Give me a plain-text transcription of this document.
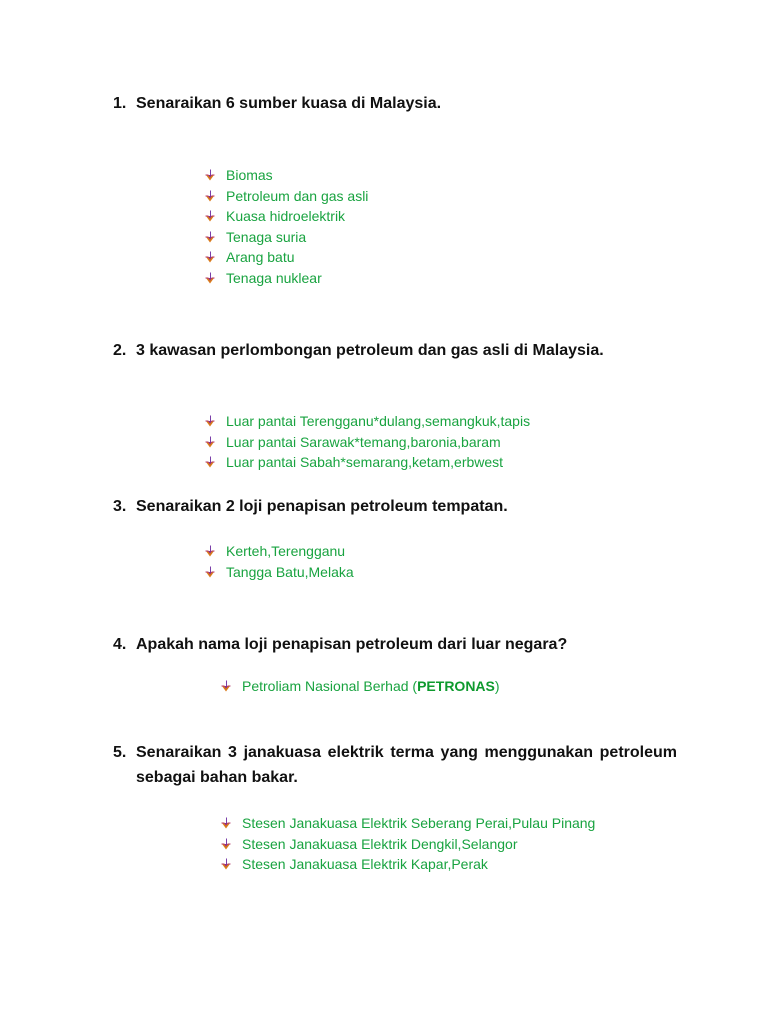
1. Senaraikan 6 sumber kuasa di Malaysia.
Biomas
Petroleum dan gas asli
Kuasa hidroelektrik
Tenaga suria
Arang batu
Tenaga nuklear
2. 3 kawasan perlombongan petroleum dan gas asli di Malaysia.
Luar pantai Terengganu*dulang,semangkuk,tapis
Luar pantai Sarawak*temang,baronia,baram
Luar pantai Sabah*semarang,ketam,erbwest
3. Senaraikan 2 loji penapisan petroleum tempatan.
Kerteh,Terengganu
Tangga Batu,Melaka
4. Apakah nama loji penapisan petroleum dari luar negara?
Petroliam Nasional Berhad (PETRONAS)
5. Senaraikan 3 janakuasa elektrik terma yang menggunakan petroleum sebagai bahan bakar.
Stesen Janakuasa Elektrik Seberang Perai,Pulau Pinang
Stesen Janakuasa Elektrik Dengkil,Selangor
Stesen Janakuasa Elektrik Kapar,Perak
